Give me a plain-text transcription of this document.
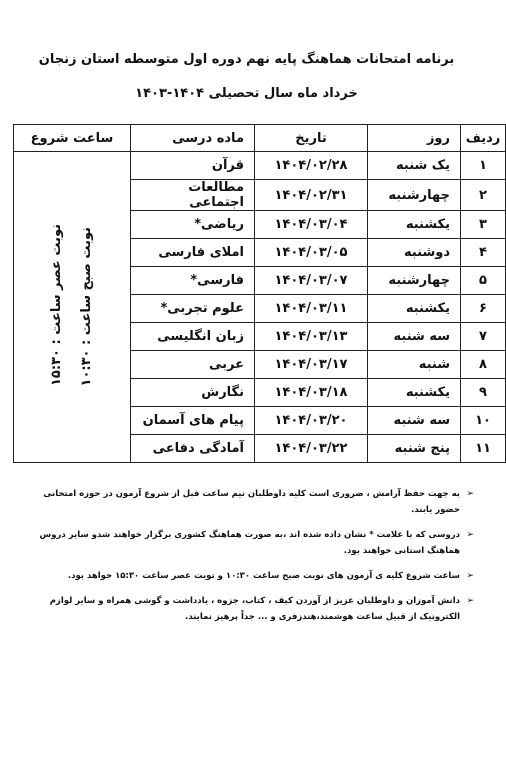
برنامه امتحانات هماهنگ پایه نهم دوره اول متوسطه استان زنجان
خرداد ماه سال تحصیلی ۱۴۰۴-۱۴۰۳
ردیف	روز	تاریخ	ماده درسی	ساعت شروع
۱	یک شنبه	۱۴۰۴/۰۲/۲۸	قرآن	نوبت صبح ساعت : ۱۰:۳۰ نوبت عصر ساعت : ۱۵:۳۰
۲	چهارشنبه	۱۴۰۴/۰۲/۳۱	مطالعات اجتماعی	
۳	یکشنبه	۱۴۰۴/۰۳/۰۴	ریاضی*	
۴	دوشنبه	۱۴۰۴/۰۳/۰۵	املای فارسی	
۵	چهارشنبه	۱۴۰۴/۰۳/۰۷	فارسی*	
۶	یکشنبه	۱۴۰۴/۰۳/۱۱	علوم تجربی*	
۷	سه شنبه	۱۴۰۴/۰۳/۱۳	زبان انگلیسی	
۸	شنبه	۱۴۰۴/۰۳/۱۷	عربی	
۹	یکشنبه	۱۴۰۴/۰۳/۱۸	نگارش	
۱۰	سه شنبه	۱۴۰۴/۰۳/۲۰	پیام های آسمان	
۱۱	پنج شنبه	۱۴۰۴/۰۳/۲۲	آمادگی دفاعی	
➢
به جهت حفظ آرامش ، ضروری است کلیه داوطلبان نیم ساعت قبل از شروع آزمون در حوزه امتحانی حضور یابند.
➢
دروسی که با علامت * نشان داده شده اند ،به صورت هماهنگ کشوری برگزار خواهند شدو سایر دروس هماهنگ استانی خواهند بود.
➢
ساعت شروع کلیه ی آزمون های نوبت صبح ساعت ۱۰:۳۰ و نوبت عصر ساعت ۱۵:۳۰ خواهد بود.
➢
دانش آموزان و داوطلبان عزیز از آوردن کیف ، کتاب، جزوه ، یادداشت و گوشی همراه و سایر لوازم الکترونیک از قبیل ساعت هوشمند،هندزفری و ... جداً پرهیز نمایند.
